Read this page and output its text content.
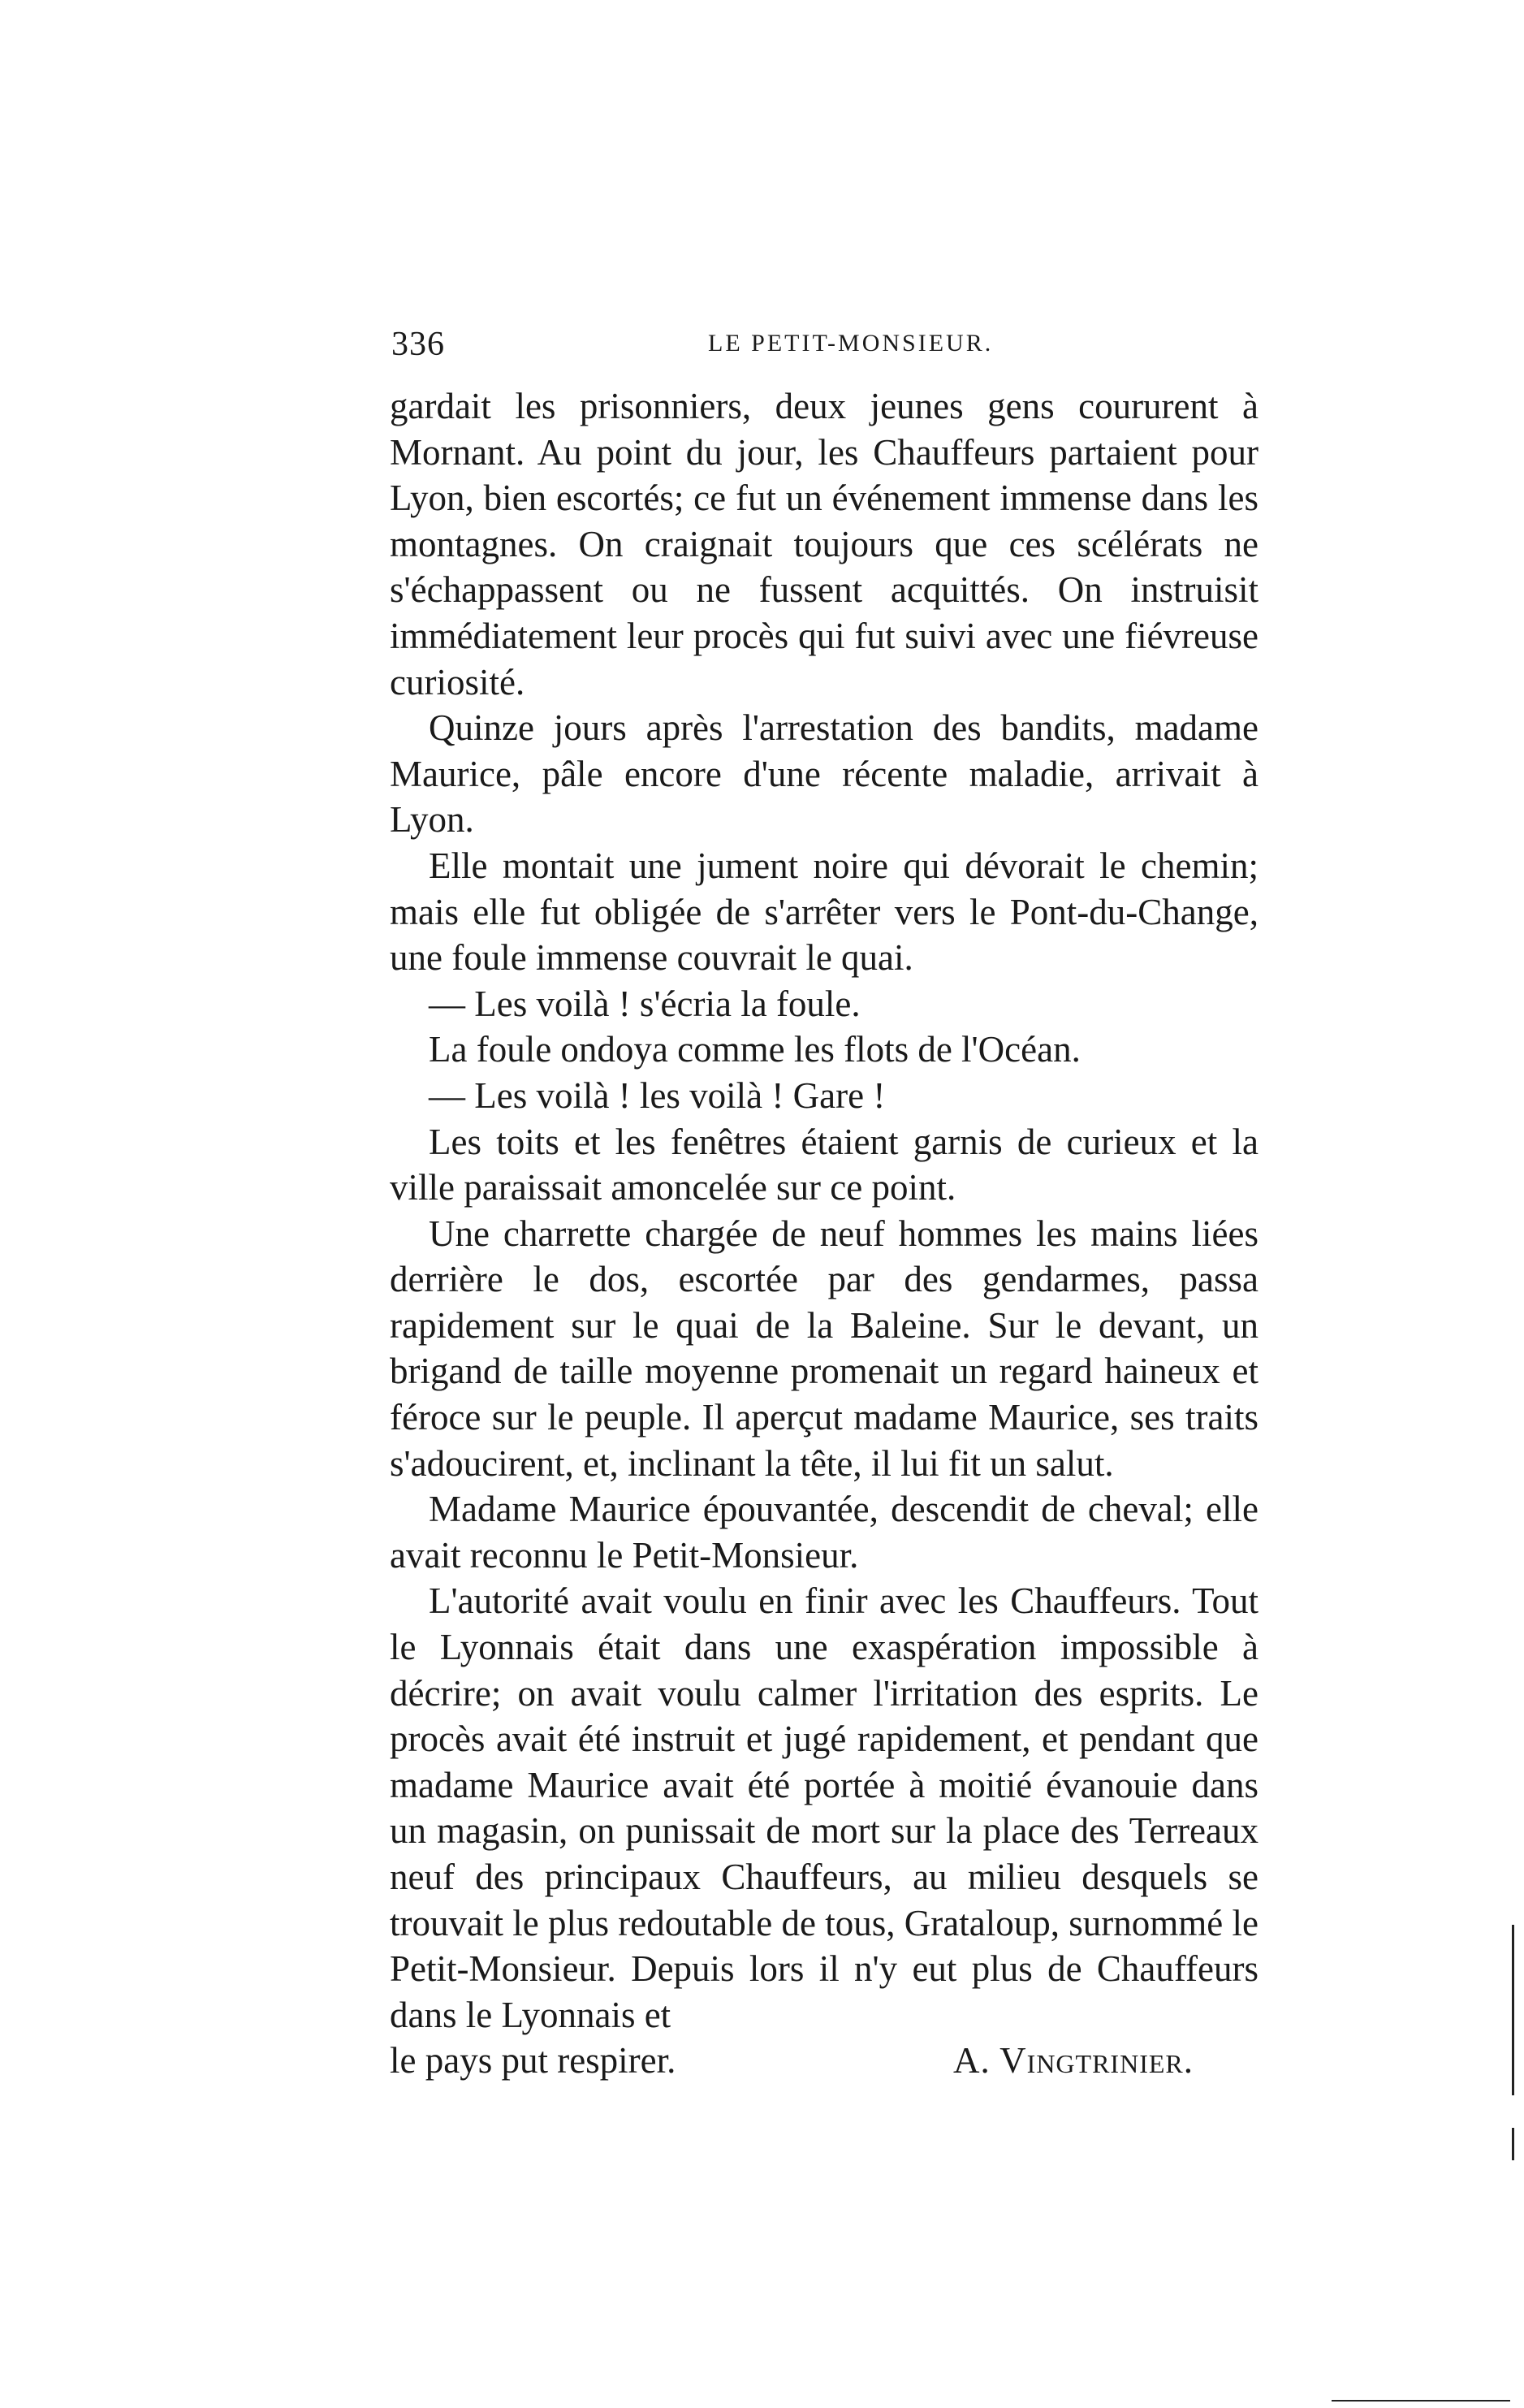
336	LE PETIT-MONSIEUR.

gardait les prisonniers, deux jeunes gens coururent à Mornant. Au point du jour, les Chauffeurs partaient pour Lyon, bien escortés; ce fut un événement immense dans les montagnes. On craignait toujours que ces scélérats ne s'échappassent ou ne fussent acquittés. On instruisit immédiatement leur procès qui fut suivi avec une fiévreuse curiosité.

Quinze jours après l'arrestation des bandits, madame Maurice, pâle encore d'une récente maladie, arrivait à Lyon.

Elle montait une jument noire qui dévorait le chemin; mais elle fut obligée de s'arrêter vers le Pont-du-Change, une foule immense couvrait le quai.

— Les voilà ! s'écria la foule.

La foule ondoya comme les flots de l'Océan.

— Les voilà ! les voilà ! Gare !

Les toits et les fenêtres étaient garnis de curieux et la ville paraissait amoncelée sur ce point.

Une charrette chargée de neuf hommes les mains liées derrière le dos, escortée par des gendarmes, passa rapidement sur le quai de la Baleine. Sur le devant, un brigand de taille moyenne promenait un regard haineux et féroce sur le peuple. Il aperçut madame Maurice, ses traits s'adoucirent, et, inclinant la tête, il lui fit un salut.

Madame Maurice épouvantée, descendit de cheval; elle avait reconnu le Petit-Monsieur.

L'autorité avait voulu en finir avec les Chauffeurs. Tout le Lyonnais était dans une exaspération impossible à décrire; on avait voulu calmer l'irritation des esprits. Le procès avait été instruit et jugé rapidement, et pendant que madame Maurice avait été portée à moitié évanouie dans un magasin, on punissait de mort sur la place des Terreaux neuf des principaux Chauffeurs, au milieu desquels se trouvait le plus redoutable de tous, Grataloup, surnommé le Petit-Monsieur. Depuis lors il n'y eut plus de Chauffeurs dans le Lyonnais et

le pays put respirer.	A. Vingtrinier.
